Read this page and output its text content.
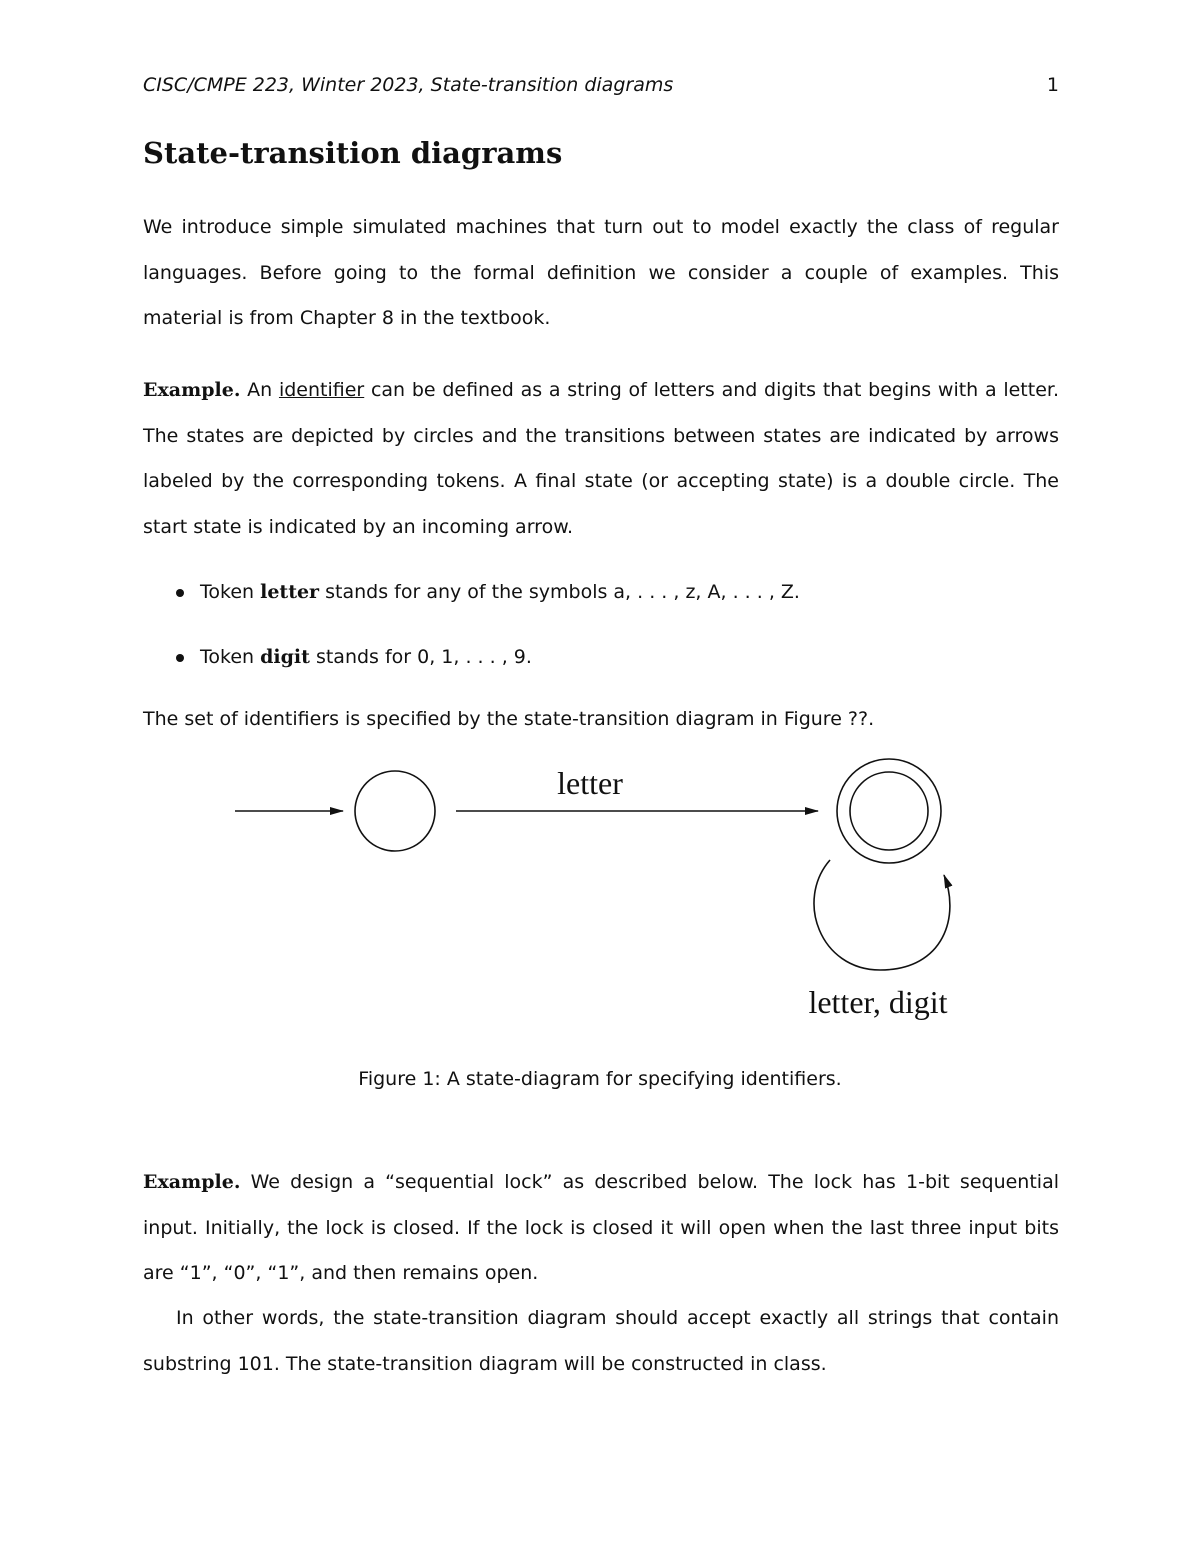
CISC/CMPE 223, Winter 2023, State-transition diagrams	1
State-transition diagrams

We introduce simple simulated machines that turn out to model exactly the class of regular languages. Before going to the formal definition we consider a couple of examples. This material is from Chapter 8 in the textbook.

Example. An identifier can be defined as a string of letters and digits that begins with a letter. The states are depicted by circles and the transitions between states are indicated by arrows labeled by the corresponding tokens. A final state (or accepting state) is a double circle. The start state is indicated by an incoming arrow.

Token letter stands for any of the symbols a, . . . , z, A, . . . , Z.
Token digit stands for 0, 1, . . . , 9.

The set of identifiers is specified by the state-transition diagram in Figure ??.

letter
letter, digit
Figure 1: A state-diagram for specifying identifiers.

Example. We design a “sequential lock” as described below. The lock has 1-bit sequential input. Initially, the lock is closed. If the lock is closed it will open when the last three input bits are “1”, “0”, “1”, and then remains open.

In other words, the state-transition diagram should accept exactly all strings that contain substring 101. The state-transition diagram will be constructed in class.
